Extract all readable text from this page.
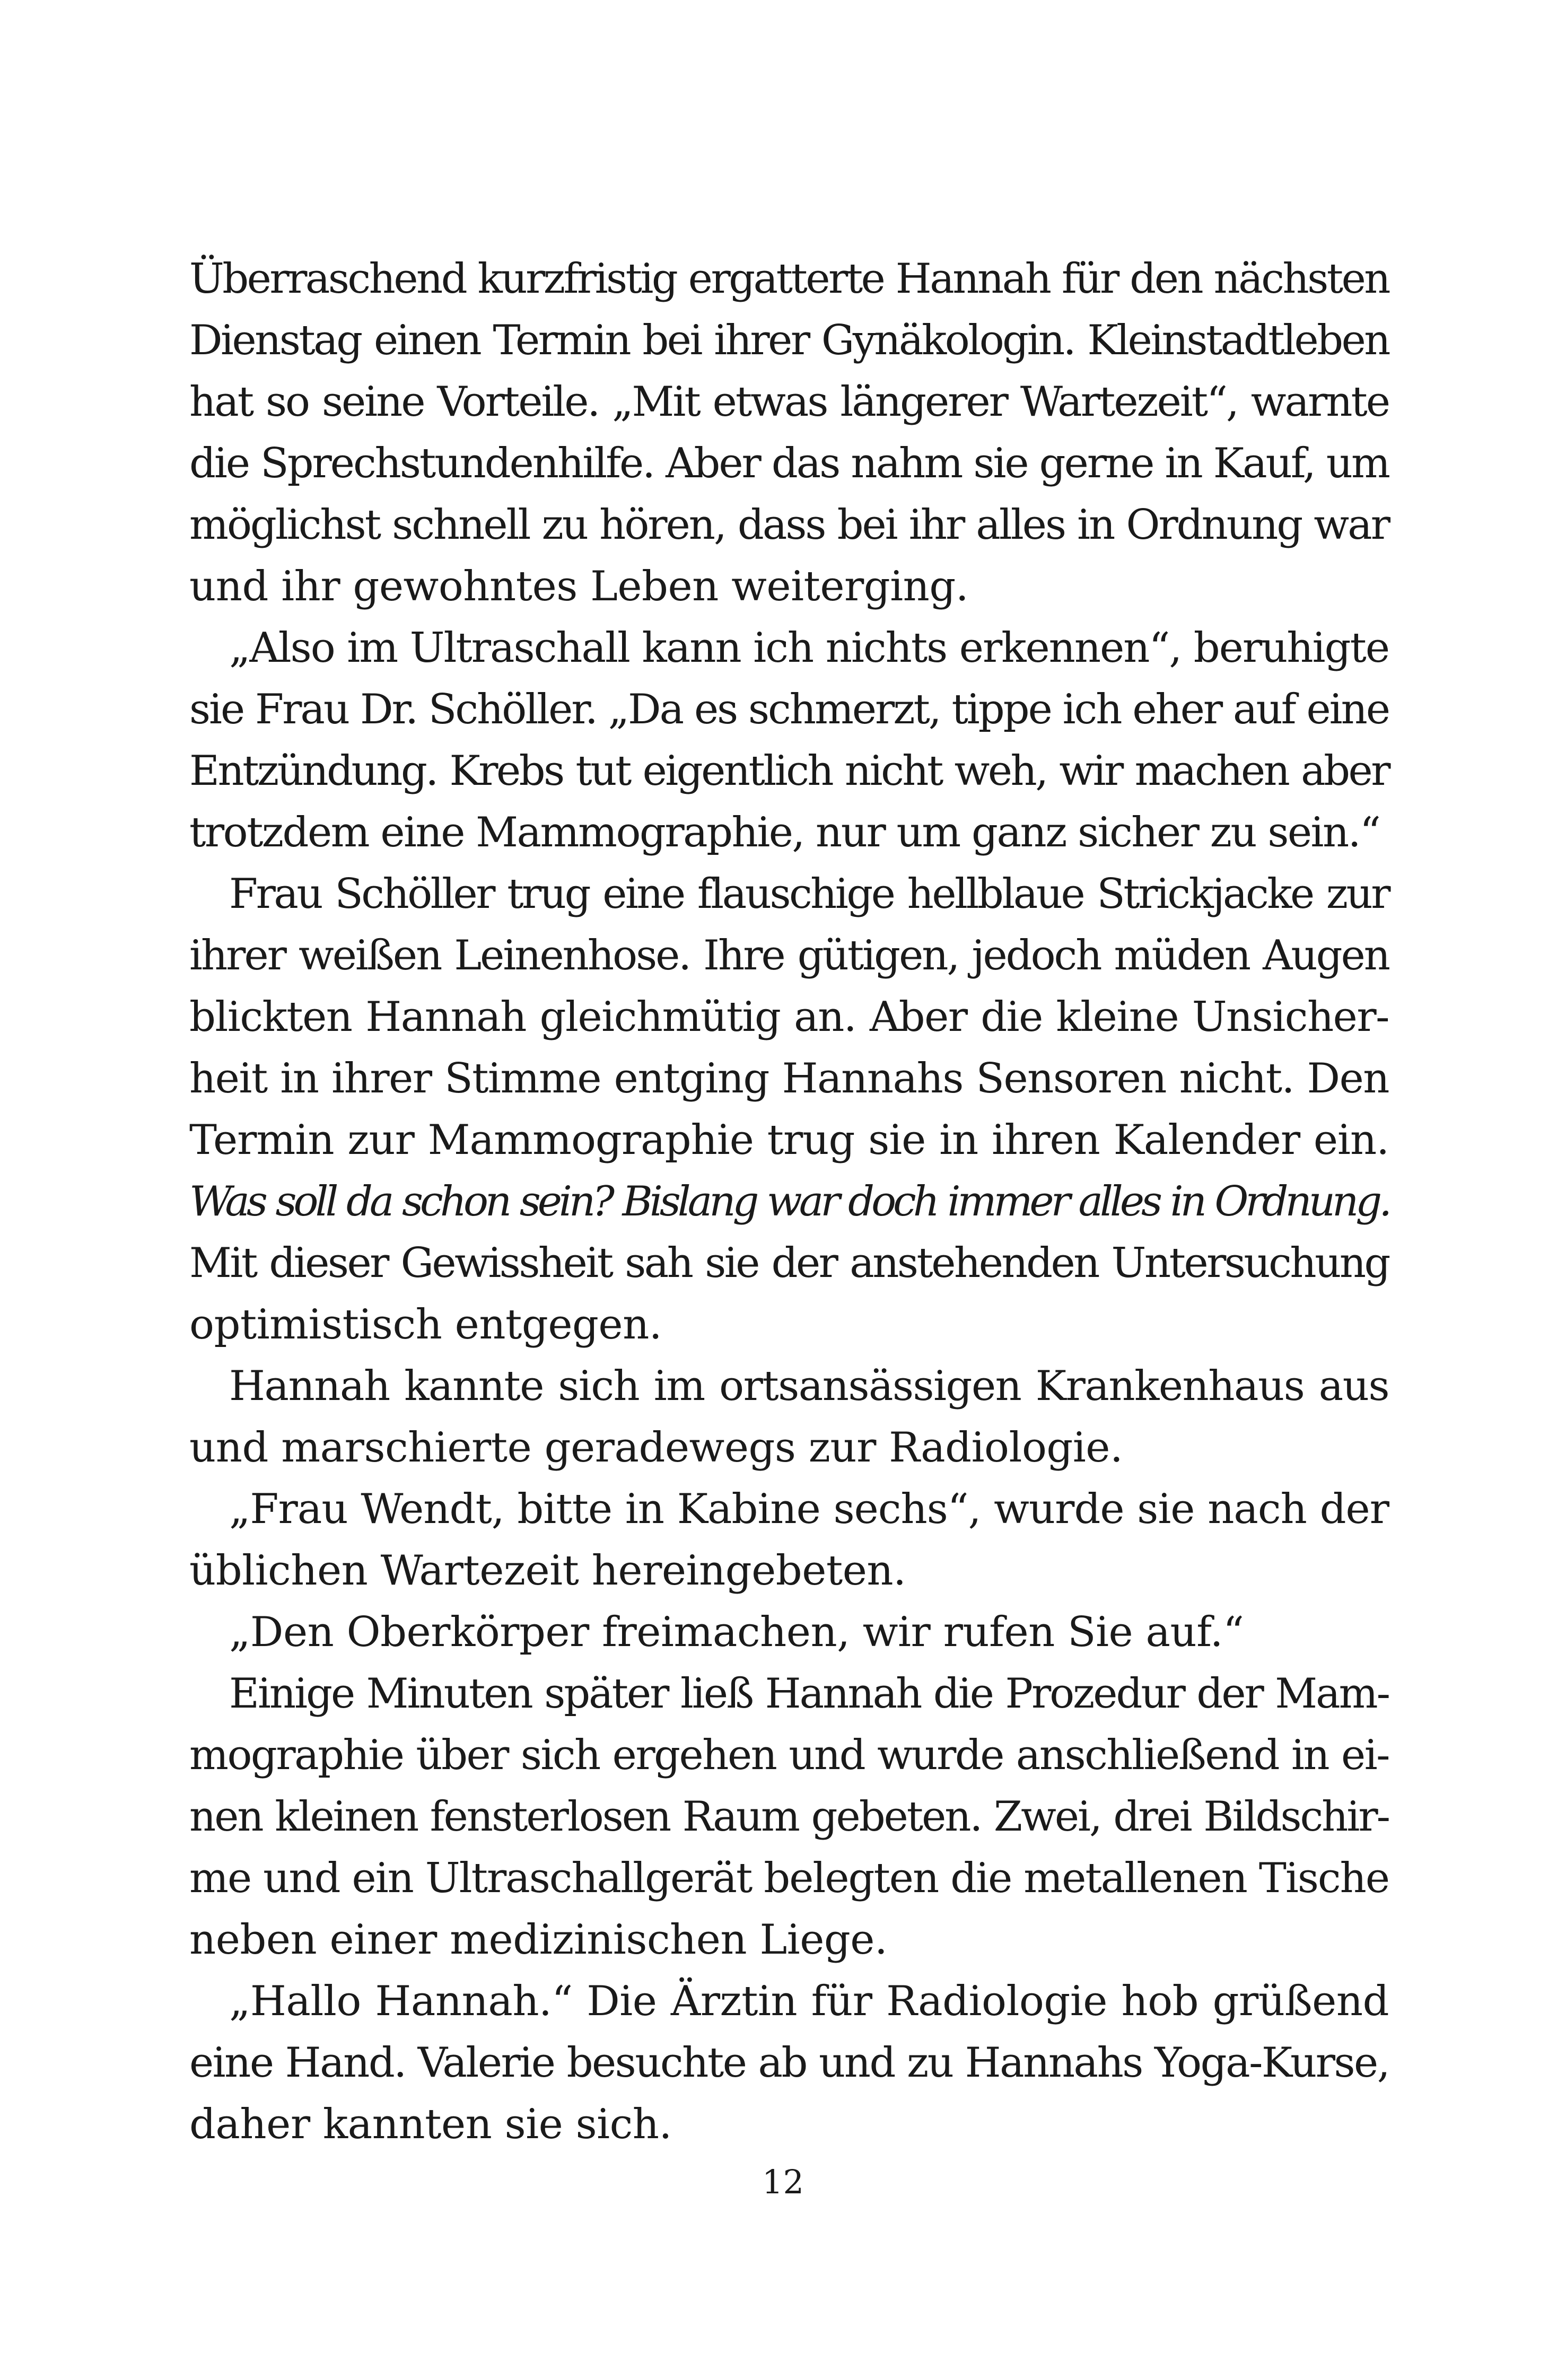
Überraschend kurzfristig ergatterte Hannah für den nächsten
Dienstag einen Termin bei ihrer Gynäkologin. Kleinstadtleben
hat so seine Vorteile. „Mit etwas längerer Wartezeit“, warnte
die Sprechstundenhilfe. Aber das nahm sie gerne in Kauf, um
möglichst schnell zu hören, dass bei ihr alles in Ordnung war
und ihr gewohntes Leben weiterging.
„Also im Ultraschall kann ich nichts erkennen“, beruhigte
sie Frau Dr. Schöller. „Da es schmerzt, tippe ich eher auf eine
Entzündung. Krebs tut eigentlich nicht weh, wir machen aber
trotzdem eine Mammographie, nur um ganz sicher zu sein.“
Frau Schöller trug eine flauschige hellblaue Strickjacke zur
ihrer weißen Leinenhose. Ihre gütigen, jedoch müden Augen
blickten Hannah gleichmütig an. Aber die kleine Unsicher-
heit in ihrer Stimme entging Hannahs Sensoren nicht. Den
Termin zur Mammographie trug sie in ihren Kalender ein.
Was soll da schon sein? Bislang war doch immer alles in Ordnung.
Mit dieser Gewissheit sah sie der anstehenden Untersuchung
optimistisch entgegen.
Hannah kannte sich im ortsansässigen Krankenhaus aus
und marschierte geradewegs zur Radiologie.
„Frau Wendt, bitte in Kabine sechs“, wurde sie nach der
üblichen Wartezeit hereingebeten.
„Den Oberkörper freimachen, wir rufen Sie auf.“
Einige Minuten später ließ Hannah die Prozedur der Mam-
mographie über sich ergehen und wurde anschließend in ei-
nen kleinen fensterlosen Raum gebeten. Zwei, drei Bildschir-
me und ein Ultraschallgerät belegten die metallenen Tische
neben einer medizinischen Liege.
„Hallo Hannah.“ Die Ärztin für Radiologie hob grüßend
eine Hand. Valerie besuchte ab und zu Hannahs Yoga-Kurse,
daher kannten sie sich.
12
